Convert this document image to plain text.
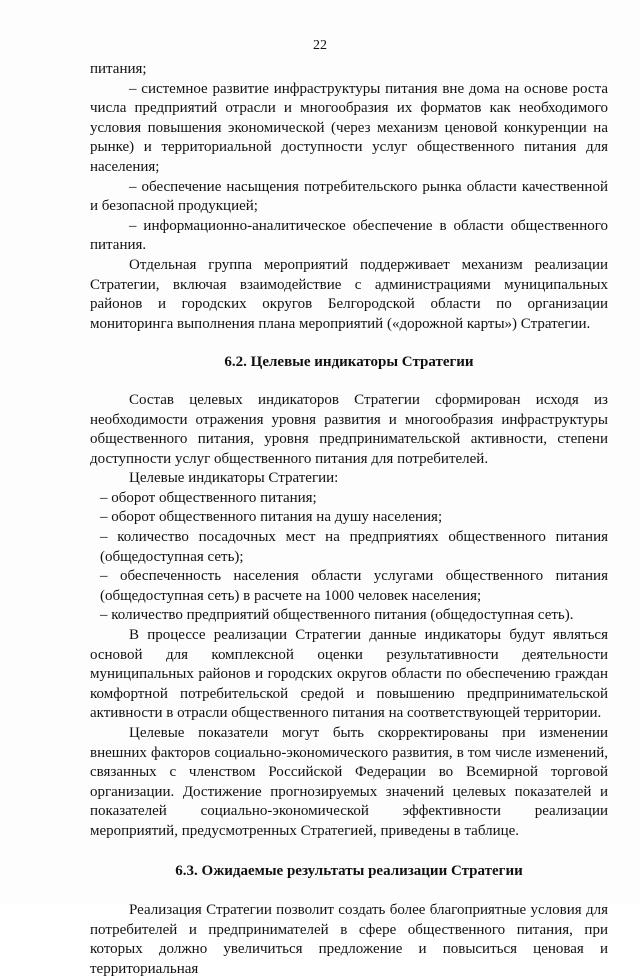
22

питания;

– системное развитие инфраструктуры питания вне дома на основе роста числа предприятий отрасли и многообразия их форматов как необходимого условия повышения экономической (через механизм ценовой конкуренции на рынке) и территориальной доступности услуг общественного питания для населения;

– обеспечение насыщения потребительского рынка области качественной и безопасной продукцией;

– информационно-аналитическое обеспечение в области общественного питания.

Отдельная группа мероприятий поддерживает механизм реализации Стратегии, включая взаимодействие с администрациями муниципальных районов и городских округов Белгородской области по организации мониторинга выполнения плана мероприятий («дорожной карты») Стратегии.

6.2. Целевые индикаторы Стратегии

Состав целевых индикаторов Стратегии сформирован исходя из необходимости отражения уровня развития и многообразия инфраструктуры общественного питания, уровня предпринимательской активности, степени доступности услуг общественного питания для потребителей.

Целевые индикаторы Стратегии:

– оборот общественного питания;

– оборот общественного питания на душу населения;

– количество посадочных мест на предприятиях общественного питания (общедоступная сеть);

– обеспеченность населения области услугами общественного питания (общедоступная сеть) в расчете на 1000 человек населения;

– количество предприятий общественного питания (общедоступная сеть).

В процессе реализации Стратегии данные индикаторы будут являться основой для комплексной оценки результативности деятельности муниципальных районов и городских округов области по обеспечению граждан комфортной потребительской средой и повышению предпринимательской активности в отрасли общественного питания на соответствующей территории.

Целевые показатели могут быть скорректированы при изменении внешних факторов социально-экономического развития, в том числе изменений, связанных с членством Российской Федерации во Всемирной торговой организации. Достижение прогнозируемых значений целевых показателей и показателей социально-экономической эффективности реализации мероприятий, предусмотренных Стратегией, приведены в таблице.

6.3. Ожидаемые результаты реализации Стратегии

Реализация Стратегии позволит создать более благоприятные условия для потребителей и предпринимателей в сфере общественного питания, при которых должно увеличиться предложение и повыситься ценовая и территориальная
